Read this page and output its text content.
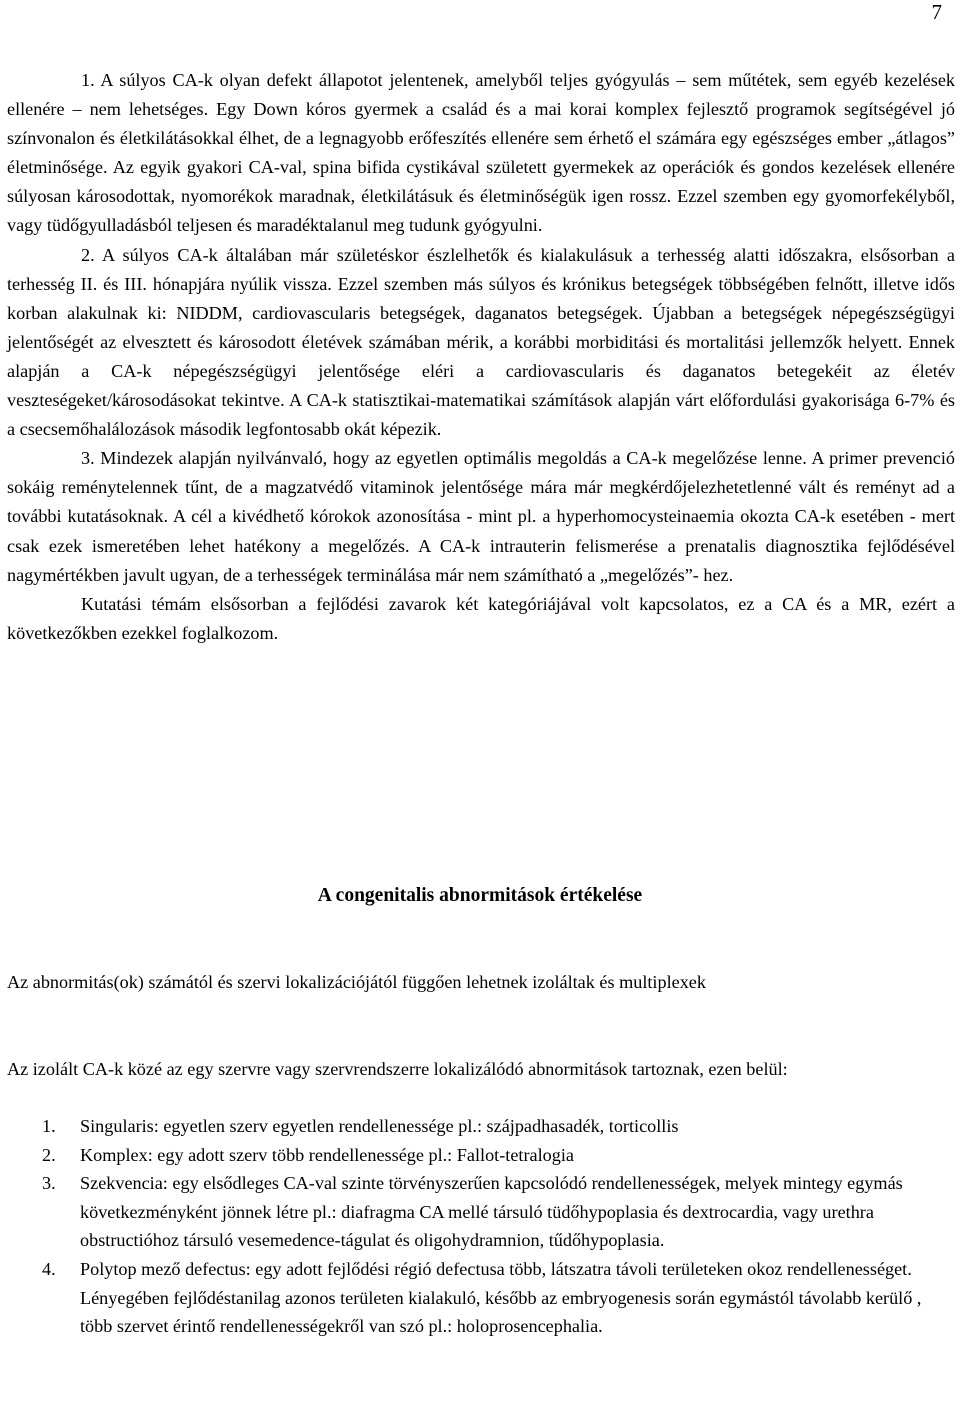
7

1. A súlyos CA-k olyan defekt állapotot jelentenek, amelyből teljes gyógyulás – sem műtétek, sem egyéb kezelések ellenére – nem lehetséges. Egy Down kóros gyermek a család és a mai korai komplex fejlesztő programok segítségével jó színvonalon és életkilátásokkal élhet, de a legnagyobb erőfeszítés ellenére sem érhető el számára egy egészséges ember „átlagos” életminősége. Az egyik gyakori CA-val, spina bifida cystikával született gyermekek az operációk és gondos kezelések ellenére súlyosan károsodottak, nyomorékok maradnak, életkilátásuk és életminőségük igen rossz. Ezzel szemben egy gyomorfekélyből, vagy tüdőgyulladásból teljesen és maradéktalanul meg tudunk gyógyulni.

2. A súlyos CA-k általában már születéskor észlelhetők és kialakulásuk a terhesség alatti időszakra, elsősorban a terhesség II. és III. hónapjára nyúlik vissza. Ezzel szemben más súlyos és krónikus betegségek többségében felnőtt, illetve idős korban alakulnak ki: NIDDM, cardiovascularis betegségek, daganatos betegségek. Újabban a betegségek népegészségügyi jelentőségét az elvesztett és károsodott életévek számában mérik, a korábbi morbiditási és mortalitási jellemzők helyett. Ennek alapján a CA-k népegészségügyi jelentősége eléri a cardiovascularis és daganatos betegekéit az életév veszteségeket/károsodásokat tekintve. A CA-k statisztikai-matematikai számítások alapján várt előfordulási gyakorisága 6-7% és a csecsemőhalálozások második legfontosabb okát képezik.

3. Mindezek alapján nyilvánvaló, hogy az egyetlen optimális megoldás a CA-k megelőzése lenne. A primer prevenció sokáig reménytelennek tűnt, de a magzatvédő vitaminok jelentősége mára már megkérdőjelezhetetlenné vált és reményt ad a további kutatásoknak. A cél a kivédhető kórokok azonosítása - mint pl. a hyperhomocysteinaemia okozta CA-k esetében - mert csak ezek ismeretében lehet hatékony a megelőzés. A CA-k intrauterin felismerése a prenatalis diagnosztika fejlődésével nagymértékben javult ugyan, de a terhességek terminálása már nem számítható a „megelőzés”- hez.

Kutatási témám elsősorban a fejlődési zavarok két kategóriájával volt kapcsolatos, ez a CA és a MR, ezért a következőkben ezekkel foglalkozom.

A congenitalis abnormitások értékelése

Az abnormitás(ok) számától és szervi lokalizációjától függően lehetnek izoláltak és multiplexek

Az izolált CA-k közé az egy szervre vagy szervrendszerre lokalizálódó abnormitások tartoznak, ezen belül:

1. Singularis: egyetlen szerv egyetlen rendellenessége pl.: szájpadhasadék, torticollis
2. Komplex: egy adott szerv több rendellenessége pl.: Fallot-tetralogia
3. Szekvencia: egy elsődleges CA-val szinte törvényszerűen kapcsolódó rendellenességek, melyek mintegy egymás következményként jönnek létre pl.: diafragma CA mellé társuló tüdőhypoplasia és dextrocardia, vagy urethra obstructióhoz társuló vesemedence-tágulat és oligohydramnion, tűdőhypoplasia.
4. Polytop mező defectus: egy adott fejlődési régió defectusa több, látszatra távoli területeken okoz rendellenességet. Lényegében fejlődéstanilag azonos területen kialakuló, később az embryogenesis során egymástól távolabb kerülő , több szervet érintő rendellenességekről van szó pl.: holoprosencephalia.
